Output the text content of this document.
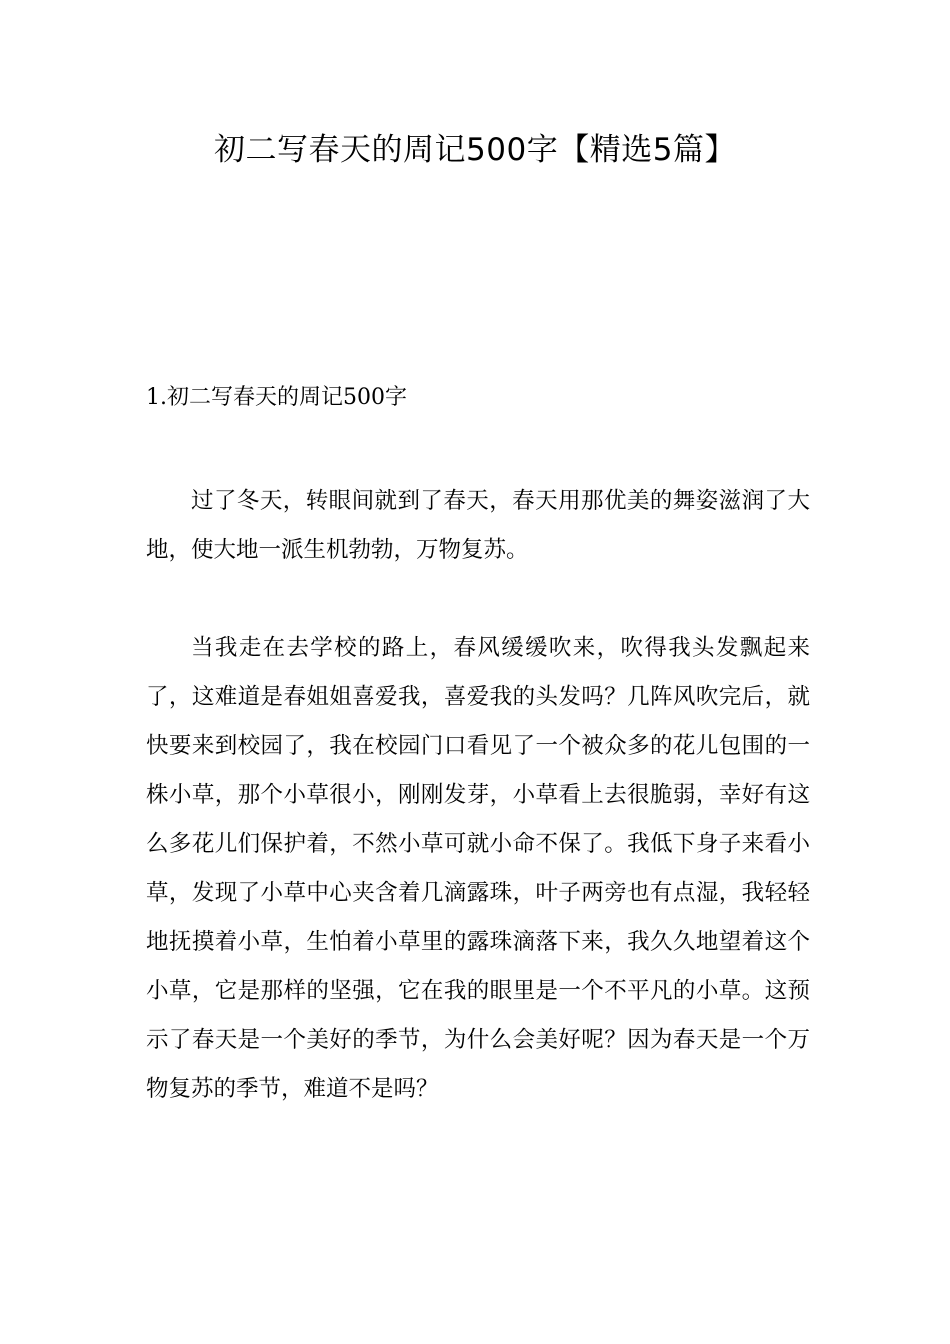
初二写春天的周记500字【精选5篇】
1.初二写春天的周记500字

过了冬天，转眼间就到了春天，春天用那优美的舞姿滋润了大地，使大地一派生机勃勃，万物复苏。

当我走在去学校的路上，春风缓缓吹来，吹得我头发飘起来了，这难道是春姐姐喜爱我，喜爱我的头发吗？几阵风吹完后，就快要来到校园了，我在校园门口看见了一个被众多的花儿包围的一株小草，那个小草很小，刚刚发芽，小草看上去很脆弱，幸好有这么多花儿们保护着，不然小草可就小命不保了。我低下身子来看小草，发现了小草中心夹含着几滴露珠，叶子两旁也有点湿，我轻轻地抚摸着小草，生怕着小草里的露珠滴落下来，我久久地望着这个小草，它是那样的坚强，它在我的眼里是一个不平凡的小草。这预示了春天是一个美好的季节，为什么会美好呢？因为春天是一个万物复苏的季节，难道不是吗？
